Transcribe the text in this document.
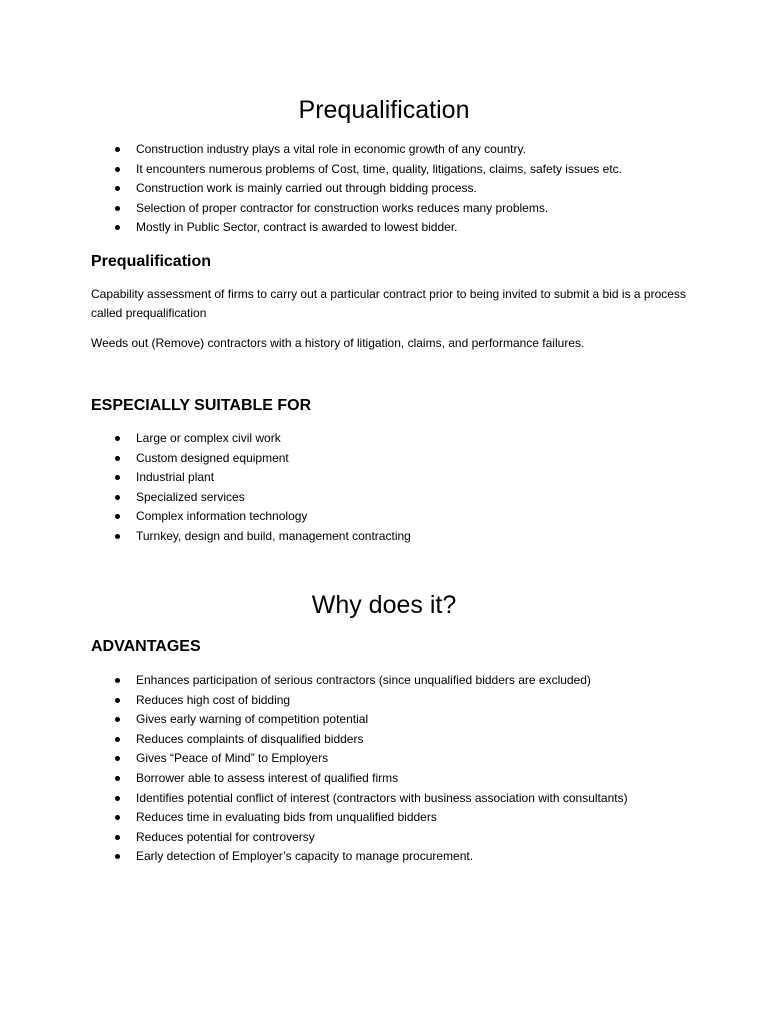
Prequalification
Construction industry plays a vital role in economic growth of any country.
It encounters numerous problems of Cost, time, quality, litigations, claims, safety issues etc.
Construction work is mainly carried out through bidding process.
Selection of proper contractor for construction works reduces many problems.
Mostly in Public Sector, contract is awarded to lowest bidder.
Prequalification

Capability assessment of firms to carry out a particular contract prior to being invited to submit a bid is a process called prequalification

Weeds out (Remove) contractors with a history of litigation, claims, and performance failures.

ESPECIALLY SUITABLE FOR
Large or complex civil work
Custom designed equipment
Industrial plant
Specialized services
Complex information technology
Turnkey, design and build, management contracting
Why does it?
ADVANTAGES
Enhances participation of serious contractors (since unqualified bidders are excluded)
Reduces high cost of bidding
Gives early warning of competition potential
Reduces complaints of disqualified bidders
Gives “Peace of Mind” to Employers
Borrower able to assess interest of qualified firms
Identifies potential conflict of interest (contractors with business association with consultants)
Reduces time in evaluating bids from unqualified bidders
Reduces potential for controversy
Early detection of Employer’s capacity to manage procurement.
